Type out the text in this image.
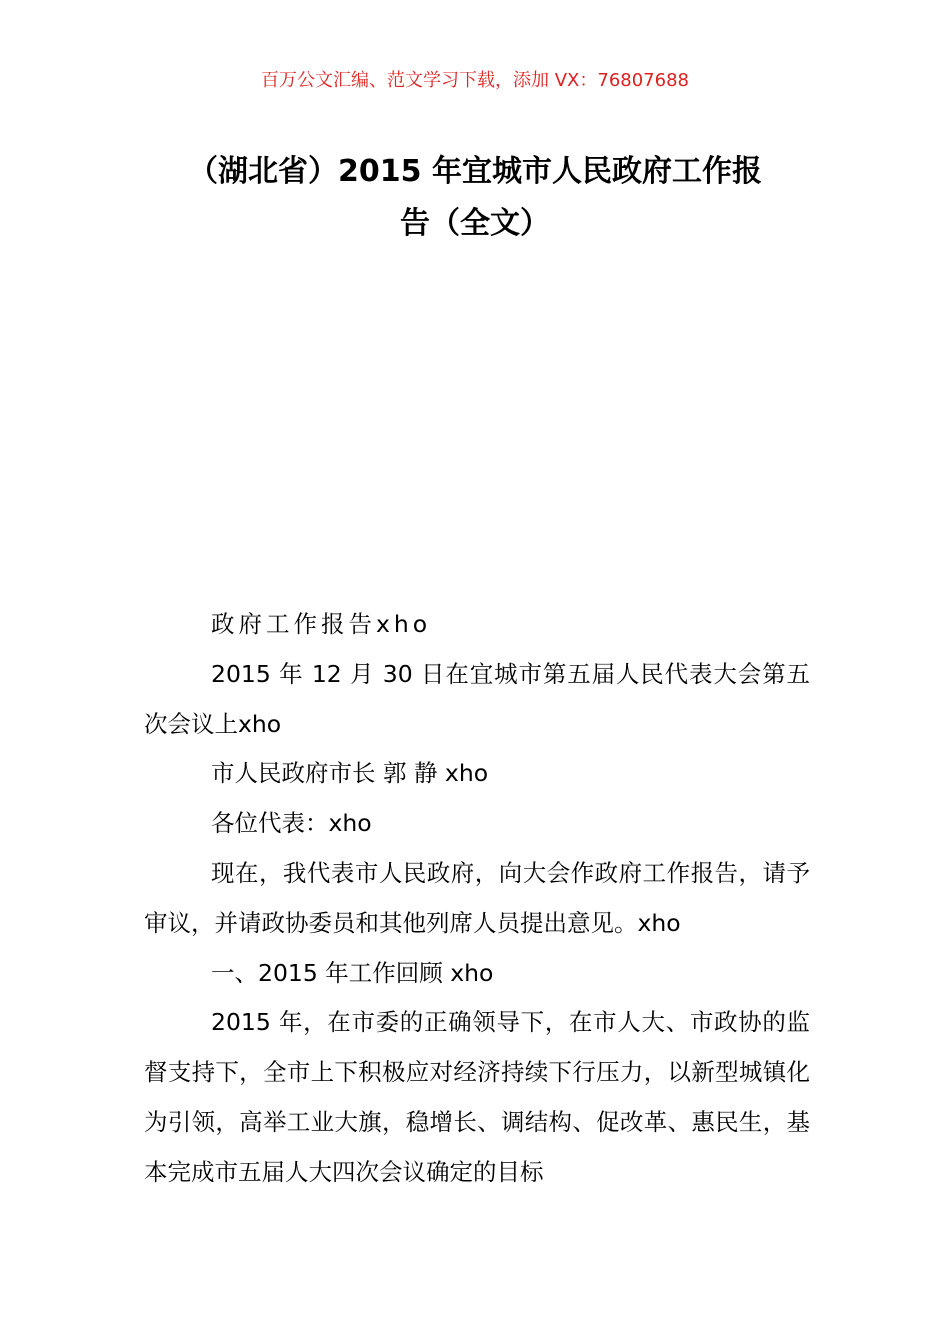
百万公文汇编、范文学习下载，添加 VX：76807688
（湖北省）2015 年宜城市人民政府工作报
告（全文）

政府工作报告xho

2015 年 12 月 30 日在宜城市第五届人民代表大会第五次会议上xho

市人民政府市长 郭 静 xho

各位代表：xho

现在，我代表市人民政府，向大会作政府工作报告，请予审议，并请政协委员和其他列席人员提出意见。xho

一、2015 年工作回顾 xho

2015 年，在市委的正确领导下，在市人大、市政协的监督支持下，全市上下积极应对经济持续下行压力，以新型城镇化为引领，高举工业大旗，稳增长、调结构、促改革、惠民生，基本完成市五届人大四次会议确定的目标
